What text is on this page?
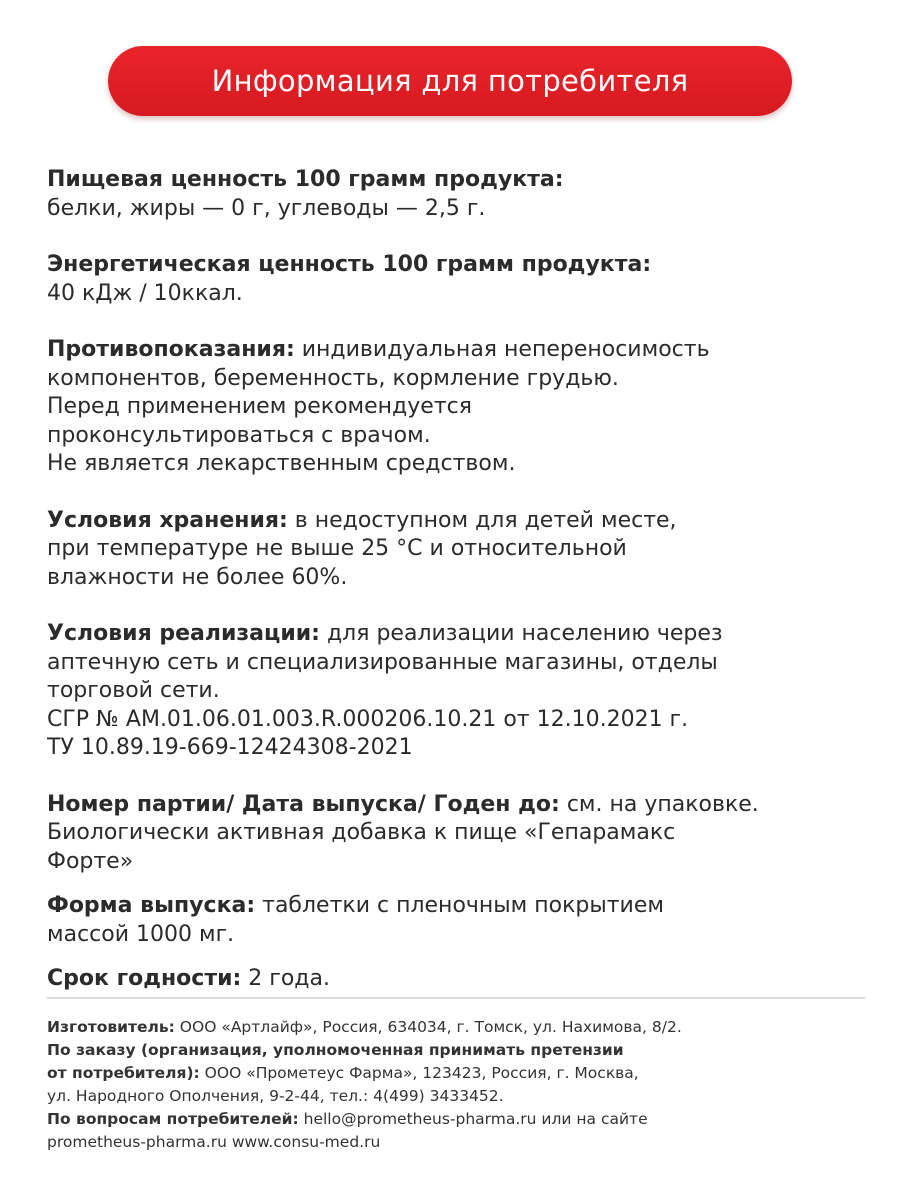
Информация для потребителя

Пищевая ценность 100 грамм продукта:
белки, жиры — 0 г, углеводы — 2,5 г.

Энергетическая ценность 100 грамм продукта:
40 кДж / 10ккал.

Противопоказания: индивидуальная непереносимость
компонентов, беременность, кормление грудью.
Перед применением рекомендуется
проконсультироваться с врачом.
Не является лекарственным средством.

Условия хранения: в недоступном для детей месте,
при температуре не выше 25 °C и относительной
влажности не более 60%.

Условия реализации: для реализации населению через
аптечную сеть и специализированные магазины, отделы
торговой сети.
СГР № AM.01.06.01.003.R.000206.10.21 от 12.10.2021 г.
ТУ 10.89.19-669-12424308-2021

Номер партии/ Дата выпуска/ Годен до: см. на упаковке.
Биологически активная добавка к пище «Гепарамакс
Форте»

Форма выпуска: таблетки с пленочным покрытием
массой 1000 мг.

Срок годности: 2 года.

Изготовитель: ООО «Артлайф», Россия, 634034, г. Томск, ул. Нахимова, 8/2.
По заказу (организация, уполномоченная принимать претензии
от потребителя): ООО «Прометеус Фарма», 123423, Россия, г. Москва,
ул. Народного Ополчения, 9-2-44, тел.: 4(499) 3433452.
По вопросам потребителей: hello@prometheus-pharma.ru или на сайте
prometheus-pharma.ru www.consu-med.ru
